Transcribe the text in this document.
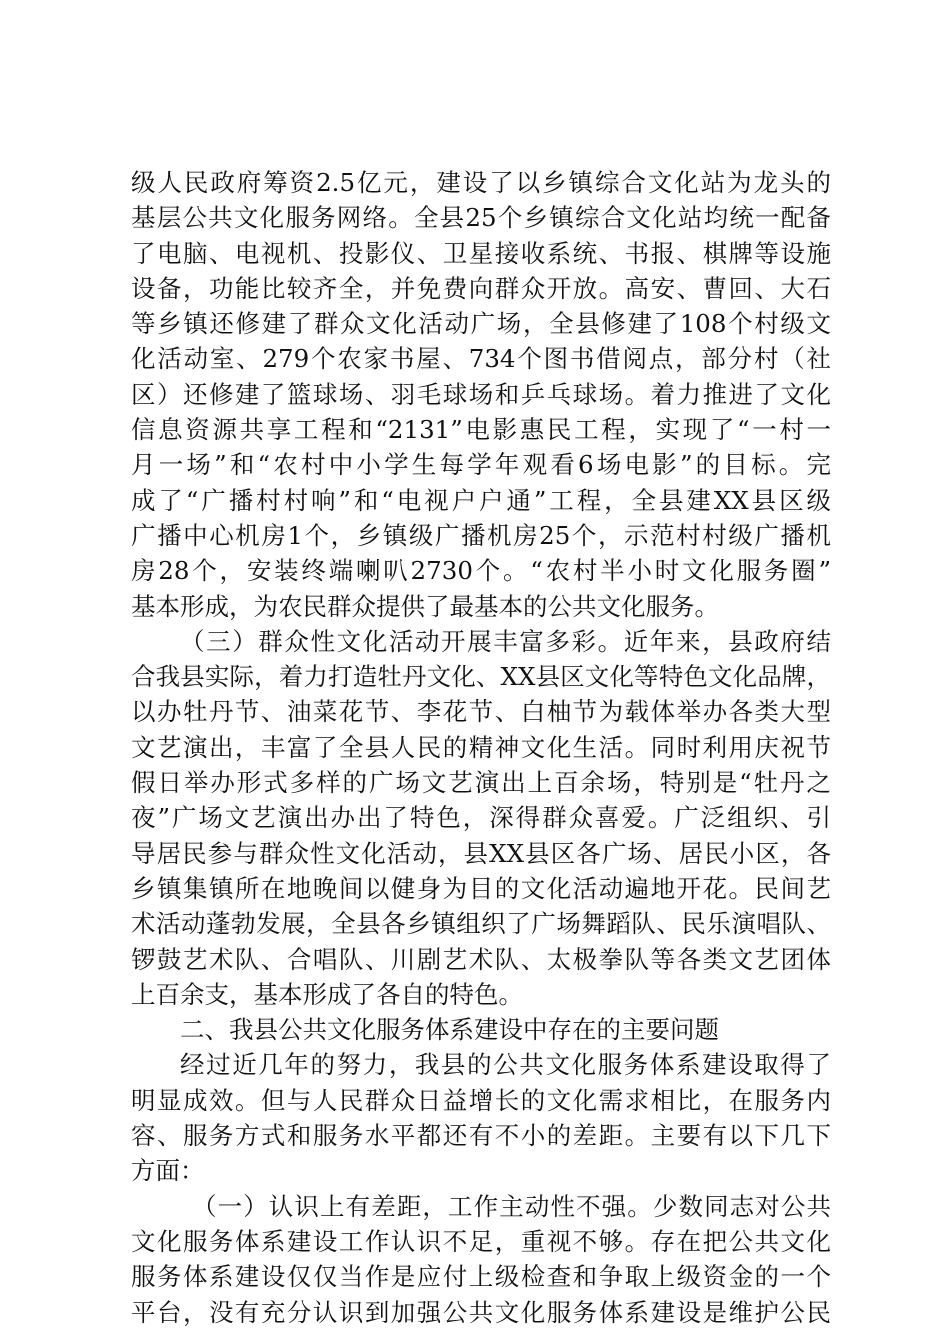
级人民政府筹资2.5亿元，建设了以乡镇综合文化站为龙头的
基层公共文化服务网络。全县25个乡镇综合文化站均统一配备
了电脑、电视机、投影仪、卫星接收系统、书报、棋牌等设施
设备，功能比较齐全，并免费向群众开放。高安、曹回、大石
等乡镇还修建了群众文化活动广场，全县修建了108个村级文
化活动室、279个农家书屋、734个图书借阅点，部分村（社
区）还修建了篮球场、羽毛球场和乒乓球场。着力推进了文化
信息资源共享工程和“2131”电影惠民工程，实现了“一村一
月一场”和“农村中小学生每学年观看6场电影”的目标。完
成了“广播村村响”和“电视户户通”工程，全县建XX县区级
广播中心机房1个，乡镇级广播机房25个，示范村村级广播机
房28个，安装终端喇叭2730个。“农村半小时文化服务圈”
基本形成，为农民群众提供了最基本的公共文化服务。
（三）群众性文化活动开展丰富多彩。近年来，县政府结
合我县实际，着力打造牡丹文化、XX县区文化等特色文化品牌，
以办牡丹节、油菜花节、李花节、白柚节为载体举办各类大型
文艺演出，丰富了全县人民的精神文化生活。同时利用庆祝节
假日举办形式多样的广场文艺演出上百余场，特别是“牡丹之
夜”广场文艺演出办出了特色，深得群众喜爱。广泛组织、引
导居民参与群众性文化活动，县XX县区各广场、居民小区，各
乡镇集镇所在地晚间以健身为目的文化活动遍地开花。民间艺
术活动蓬勃发展，全县各乡镇组织了广场舞蹈队、民乐演唱队、
锣鼓艺术队、合唱队、川剧艺术队、太极拳队等各类文艺团体
上百余支，基本形成了各自的特色。
二、我县公共文化服务体系建设中存在的主要问题
经过近几年的努力，我县的公共文化服务体系建设取得了
明显成效。但与人民群众日益增长的文化需求相比，在服务内
容、服务方式和服务水平都还有不小的差距。主要有以下几下
方面：
（一）认识上有差距，工作主动性不强。少数同志对公共
文化服务体系建设工作认识不足，重视不够。存在把公共文化
服务体系建设仅仅当作是应付上级检查和争取上级资金的一个
平台，没有充分认识到加强公共文化服务体系建设是维护公民
